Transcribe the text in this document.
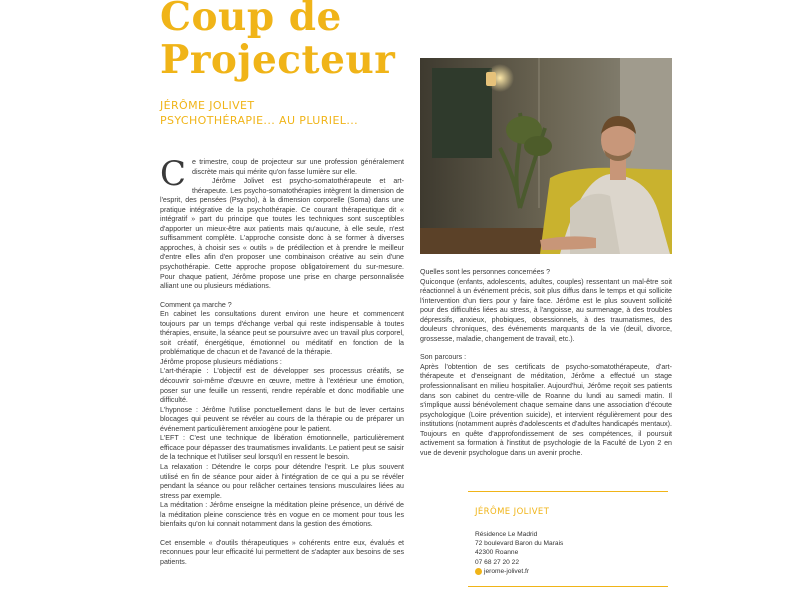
Coup de
Projecteur
JÉRÔME JOLIVET
PSYCHOTHÉRAPIE... AU PLURIEL...
C e trimestre, coup de projecteur sur une profession généralement discrète mais qui mérite qu'on fasse lumière sur elle.

Jérôme Jolivet est psycho-somatothérapeute et art-thérapeute. Les psycho-somatothérapies intègrent la dimension de l'esprit, des pensées (Psycho), à la dimension corporelle (Soma) dans une pratique intégrative de la psychothérapie. Ce courant thérapeutique dit « intégratif » part du principe que toutes les techniques sont susceptibles d'apporter un mieux-être aux patients mais qu'aucune, à elle seule, n'est suffisamment complète. L'approche consiste donc à se former à diverses approches, à choisir ses « outils » de prédilection et à prendre le meilleur d'entre elles afin d'en proposer une combinaison créative au sein d'une psychothérapie. Cette approche propose obligatoirement du sur-mesure. Pour chaque patient, Jérôme propose une prise en charge personnalisée alliant une ou plusieurs médiations.

Comment ça marche ?

En cabinet les consultations durent environ une heure et commencent toujours par un temps d'échange verbal qui reste indispensable à toutes thérapies, ensuite, la séance peut se poursuivre avec un travail plus corporel, soit créatif, énergétique, émotionnel ou méditatif en fonction de la problématique de chacun et de l'avancé de la thérapie.

Jérôme propose plusieurs médiations :

L'art-thérapie : L'objectif est de développer ses processus créatifs, se découvrir soi-même d'œuvre en œuvre, mettre à l'extérieur une émotion, poser sur une feuille un ressenti, rendre repérable et donc modifiable une difficulté.

L'hypnose : Jérôme l'utilise ponctuellement dans le but de lever certains blocages qui peuvent se révéler au cours de la thérapie ou de préparer un événement particulièrement anxiogène pour le patient.

L'EFT : C'est une technique de libération émotionnelle, particulièrement efficace pour dépasser des traumatismes invalidants. Le patient peut se saisir de la technique et l'utiliser seul lorsqu'il en ressent le besoin.

La relaxation : Détendre le corps pour détendre l'esprit. Le plus souvent utilisé en fin de séance pour aider à l'intégration de ce qui a pu se révéler pendant la séance ou pour relâcher certaines tensions musculaires liées au stress par exemple.

La méditation : Jérôme enseigne la méditation pleine présence, un dérivé de la méditation pleine conscience très en vogue en ce moment pour tous les bienfaits qu'on lui connait notamment dans la gestion des émotions.

Cet ensemble « d'outils thérapeutiques » cohérents entre eux, évalués et reconnues pour leur efficacité lui permettent de s'adapter aux besoins de ses patients.

Quelles sont les personnes concernées ?

Quiconque (enfants, adolescents, adultes, couples) ressentant un mal-être soit réactionnel à un événement précis, soit plus diffus dans le temps et qui sollicite l'intervention d'un tiers pour y faire face. Jérôme est le plus souvent sollicité pour des difficultés liées au stress, à l'angoisse, au surmenage, à des troubles dépressifs, anxieux, phobiques, obsessionnels, à des traumatismes, des douleurs chroniques, des événements marquants de la vie (deuil, divorce, grossesse, maladie, changement de travail, etc.).

Son parcours :

Après l'obtention de ses certificats de psycho-somatothérapeute, d'art-thérapeute et d'enseignant de méditation, Jérôme a effectué un stage professionnalisant en milieu hospitalier. Aujourd'hui, Jérôme reçoit ses patients dans son cabinet du centre-ville de Roanne du lundi au samedi matin. Il s'implique aussi bénévolement chaque semaine dans une association d'écoute psychologique (Loire prévention suicide), et intervient régulièrement pour des institutions (notamment auprès d'adolescents et d'adultes handicapés mentaux). Toujours en quête d'approfondissement de ses compétences, il poursuit activement sa formation à l'institut de psychologie de la Faculté de Lyon 2 en vue de devenir psychologue dans un avenir proche.

JÉRÔME JOLIVET
Résidence Le Madrid
72 boulevard Baron du Marais
42300 Roanne
07 68 27 20 22
jerome-jolivet.fr
